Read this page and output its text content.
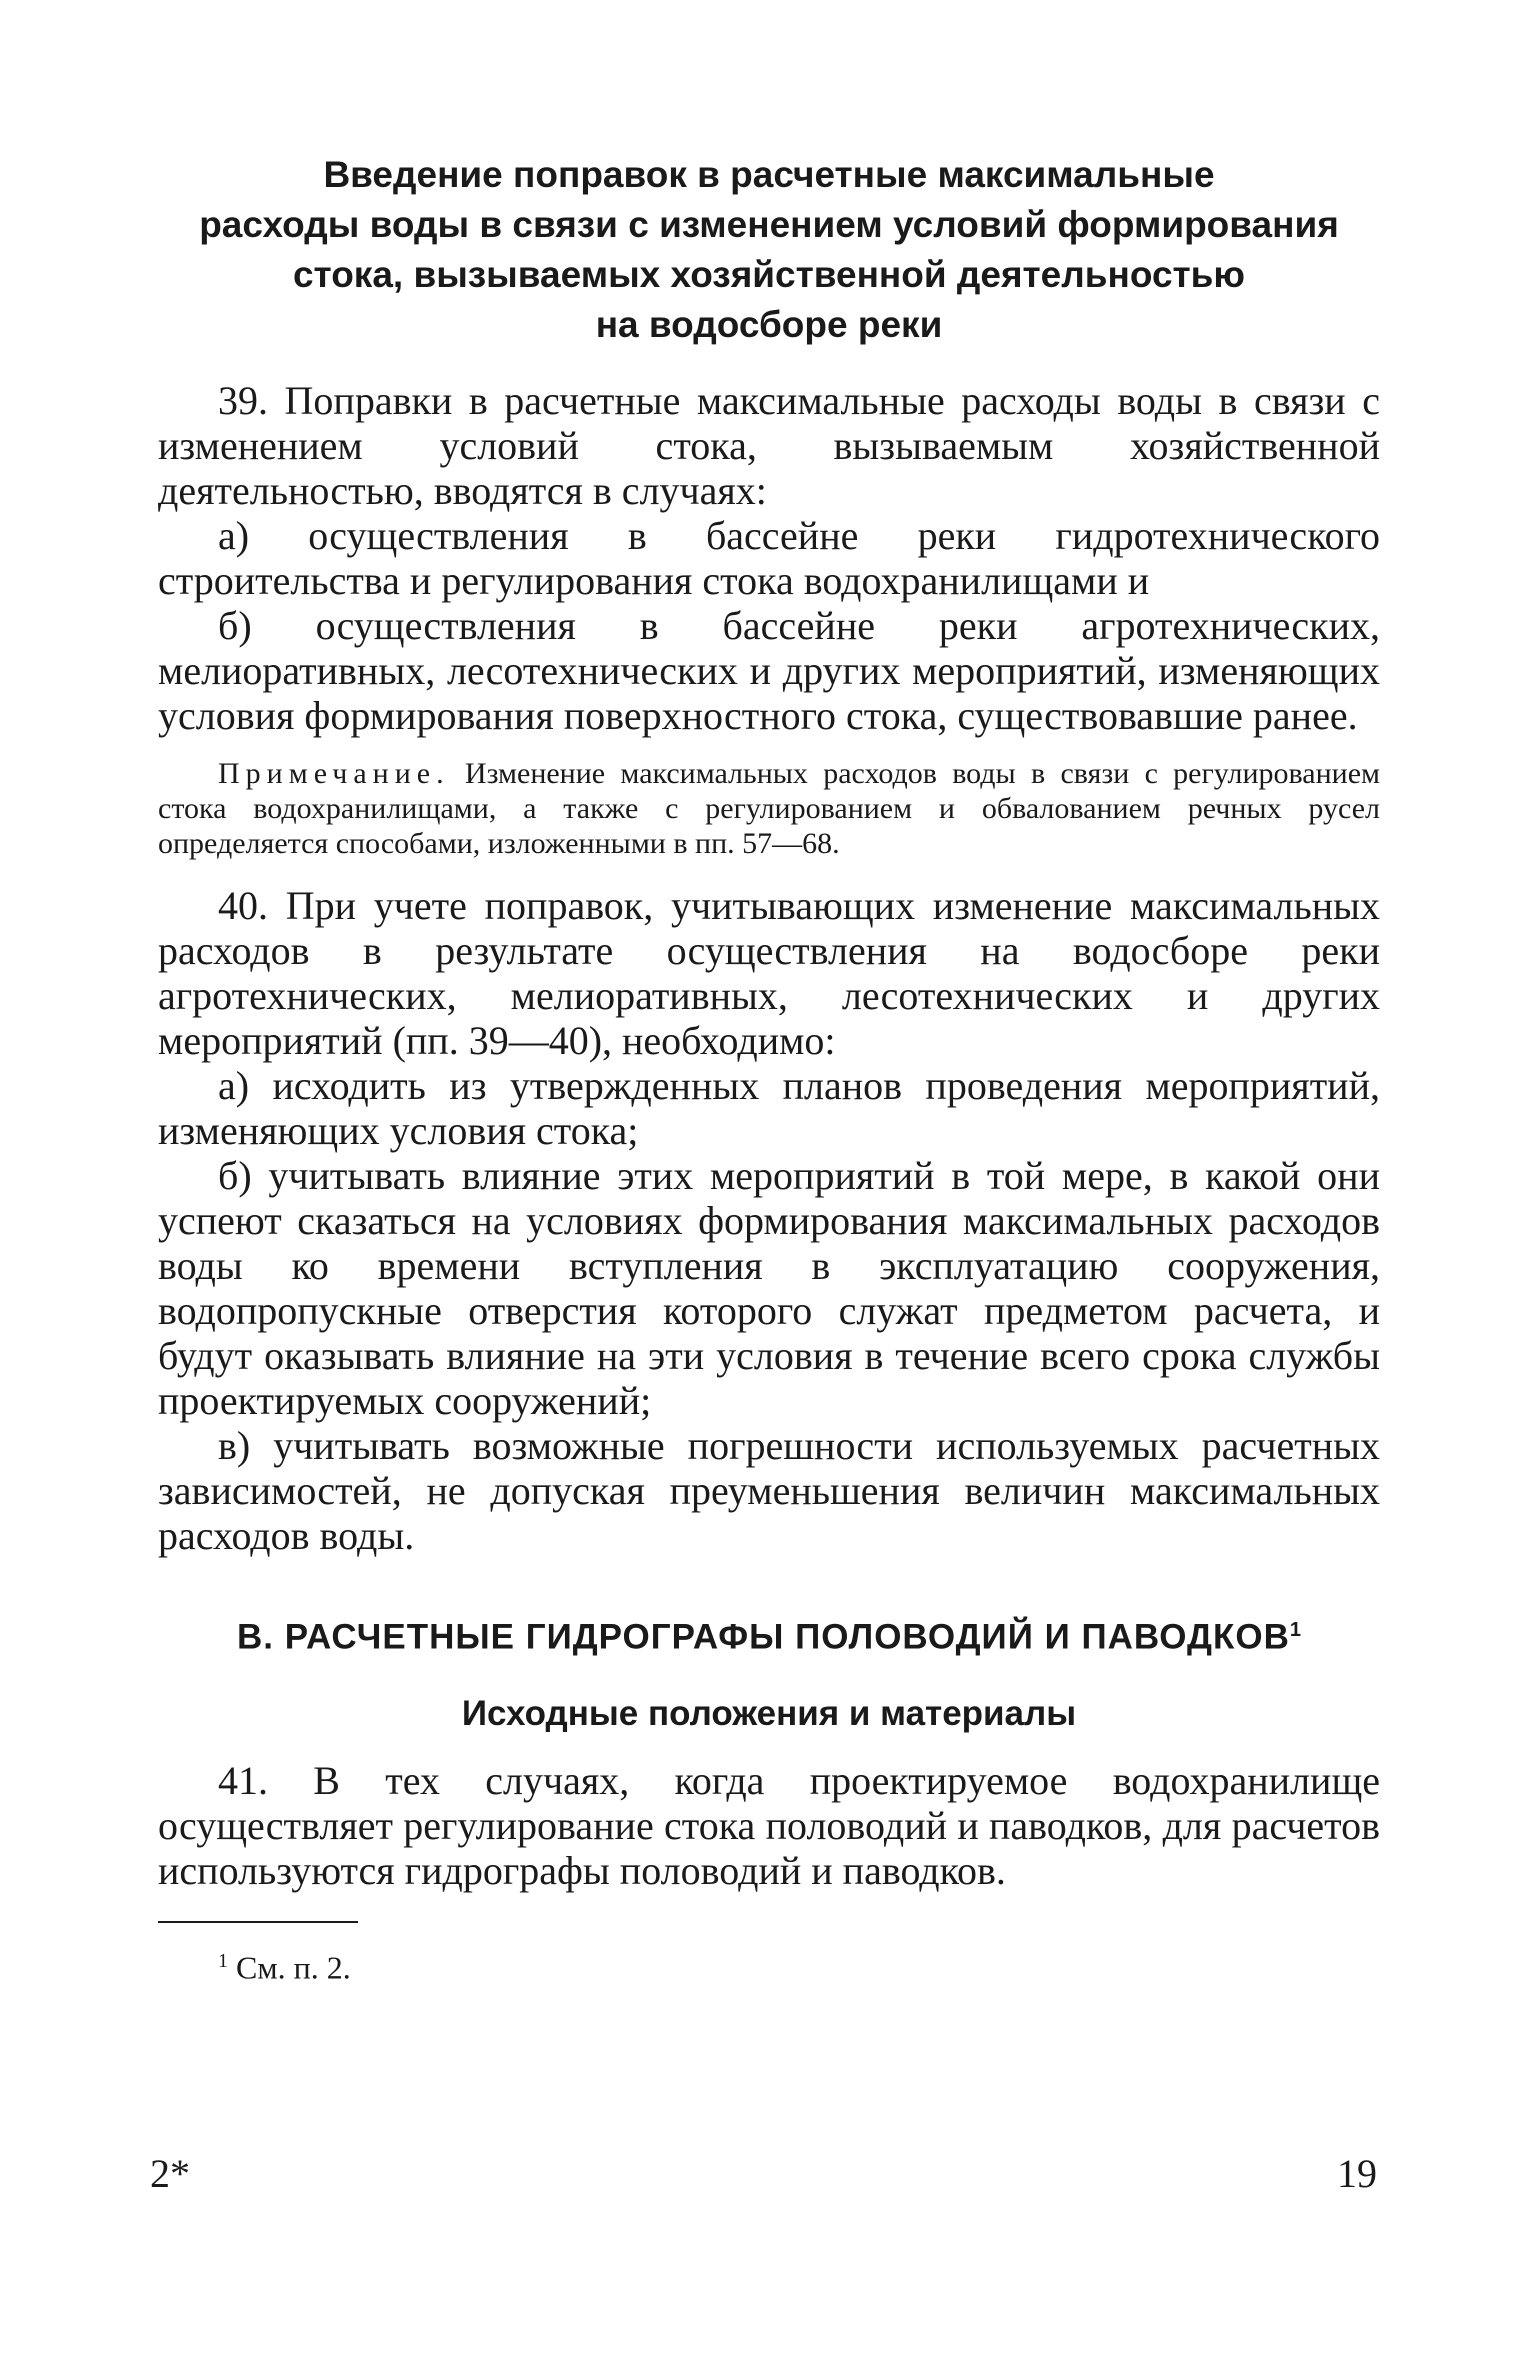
Введение поправок в расчетные максимальные
расходы воды в связи с изменением условий формирования
стока, вызываемых хозяйственной деятельностью
на водосборе реки

39. Поправки в расчетные максимальные расходы воды в связи с изменением условий стока, вызываемым хозяйственной деятельностью, вводятся в случаях:

а) осуществления в бассейне реки гидротехнического строительства и регулирования стока водохранилищами и

б) осуществления в бассейне реки агротехнических, мелиоративных, лесотехнических и других мероприятий, изменяющих условия формирования поверхностного стока, существовавшие ранее.

Примечание. Изменение максимальных расходов воды в связи с регулированием стока водохранилищами, а также с регулированием и обвалованием речных русел определяется способами, изложенными в пп. 57—68.

40. При учете поправок, учитывающих изменение максимальных расходов в результате осуществления на водосборе реки агротехнических, мелиоративных, лесотехнических и других мероприятий (пп. 39—40), необходимо:

а) исходить из утвержденных планов проведения мероприятий, изменяющих условия стока;

б) учитывать влияние этих мероприятий в той мере, в какой они успеют сказаться на условиях формирования максимальных расходов воды ко времени вступления в эксплуатацию сооружения, водопропускные отверстия которого служат предметом расчета, и будут оказывать влияние на эти условия в течение всего срока службы проектируемых сооружений;

в) учитывать возможные погрешности используемых расчетных зависимостей, не допуская преуменьшения величин максимальных расходов воды.

В. РАСЧЕТНЫЕ ГИДРОГРАФЫ ПОЛОВОДИЙ И ПАВОДКОВ$^1$
Исходные положения и материалы

41. В тех случаях, когда проектируемое водохранилище осуществляет регулирование стока половодий и паводков, для расчетов используются гидрографы половодий и паводков.

$^1$ См. п. 2.

2*	19
